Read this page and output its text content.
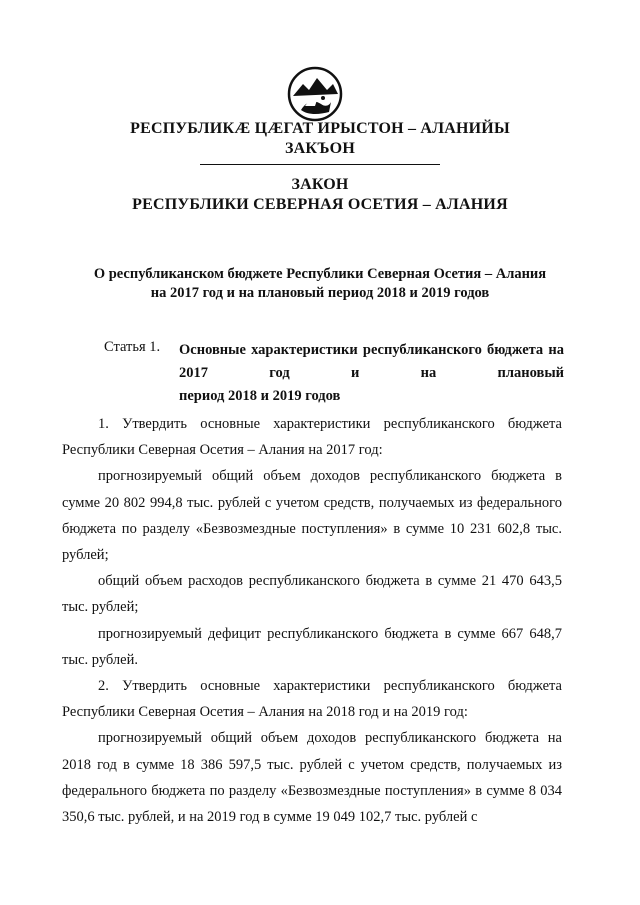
РЕСПУБЛИКӔ ЦӔГАТ ИРЫСТОН – АЛАНИЙЫ
ЗАКЪОН
ЗАКОН
РЕСПУБЛИКИ СЕВЕРНАЯ ОСЕТИЯ – АЛАНИЯ
О республиканском бюджете Республики Северная Осетия – Алания
на 2017 год и на плановый период 2018 и 2019 годов
Статья 1. Основные характеристики республиканского бюджета на 2017 год и на плановый
период 2018 и 2019 годов

1. Утвердить основные характеристики республиканского бюджета Республики Северная Осетия – Алания на 2017 год:

прогнозируемый общий объем доходов республиканского бюджета в сумме 20 802 994,8 тыс. рублей с учетом средств, получаемых из федерального бюджета по разделу «Безвозмездные поступления» в сумме 10 231 602,8 тыс. рублей;

общий объем расходов республиканского бюджета в сумме 21 470 643,5 тыс. рублей;

прогнозируемый дефицит республиканского бюджета в сумме 667 648,7 тыс. рублей.

2. Утвердить основные характеристики республиканского бюджета Республики Северная Осетия – Алания на 2018 год и на 2019 год:

прогнозируемый общий объем доходов республиканского бюджета на 2018 год в сумме 18 386 597,5 тыс. рублей с учетом средств, получаемых из федерального бюджета по разделу «Безвозмездные поступления» в сумме 8 034 350,6 тыс. рублей, и на 2019 год в сумме 19 049 102,7 тыс. рублей с
